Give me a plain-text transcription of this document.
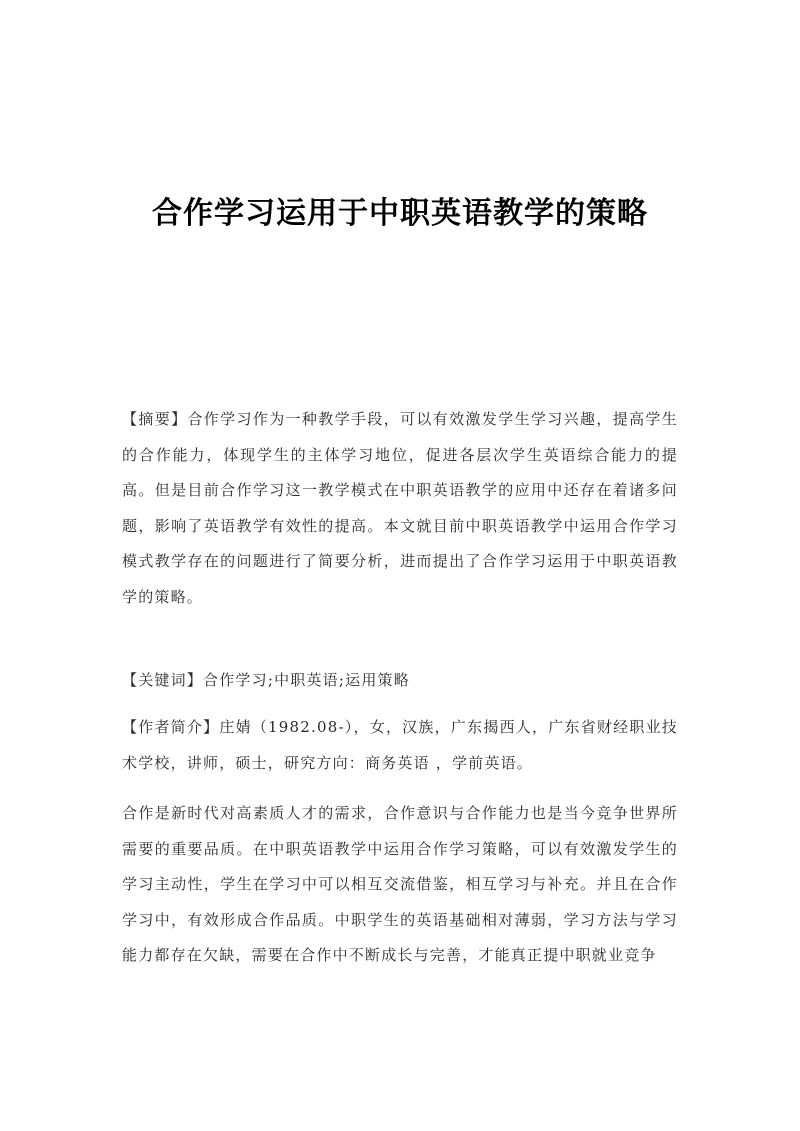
合作学习运用于中职英语教学的策略

【摘要】合作学习作为一种教学手段，可以有效激发学生学习兴趣，提高学生的合作能力，体现学生的主体学习地位，促进各层次学生英语综合能力的提高。但是目前合作学习这一教学模式在中职英语教学的应用中还存在着诸多问题，影响了英语教学有效性的提高。本文就目前中职英语教学中运用合作学习模式教学存在的问题进行了简要分析，进而提出了合作学习运用于中职英语教学的策略。

【关键词】合作学习;中职英语;运用策略

【作者简介】庄婧（1982.08-），女，汉族，广东揭西人，广东省财经职业技术学校，讲师，硕士，研究方向：商务英语 ，学前英语。

合作是新时代对高素质人才的需求，合作意识与合作能力也是当今竞争世界所需要的重要品质。在中职英语教学中运用合作学习策略，可以有效激发学生的学习主动性，学生在学习中可以相互交流借鉴，相互学习与补充。并且在合作学习中，有效形成合作品质。中职学生的英语基础相对薄弱，学习方法与学习能力都存在欠缺，需要在合作中不断成长与完善，才能真正提中职就业竞争
